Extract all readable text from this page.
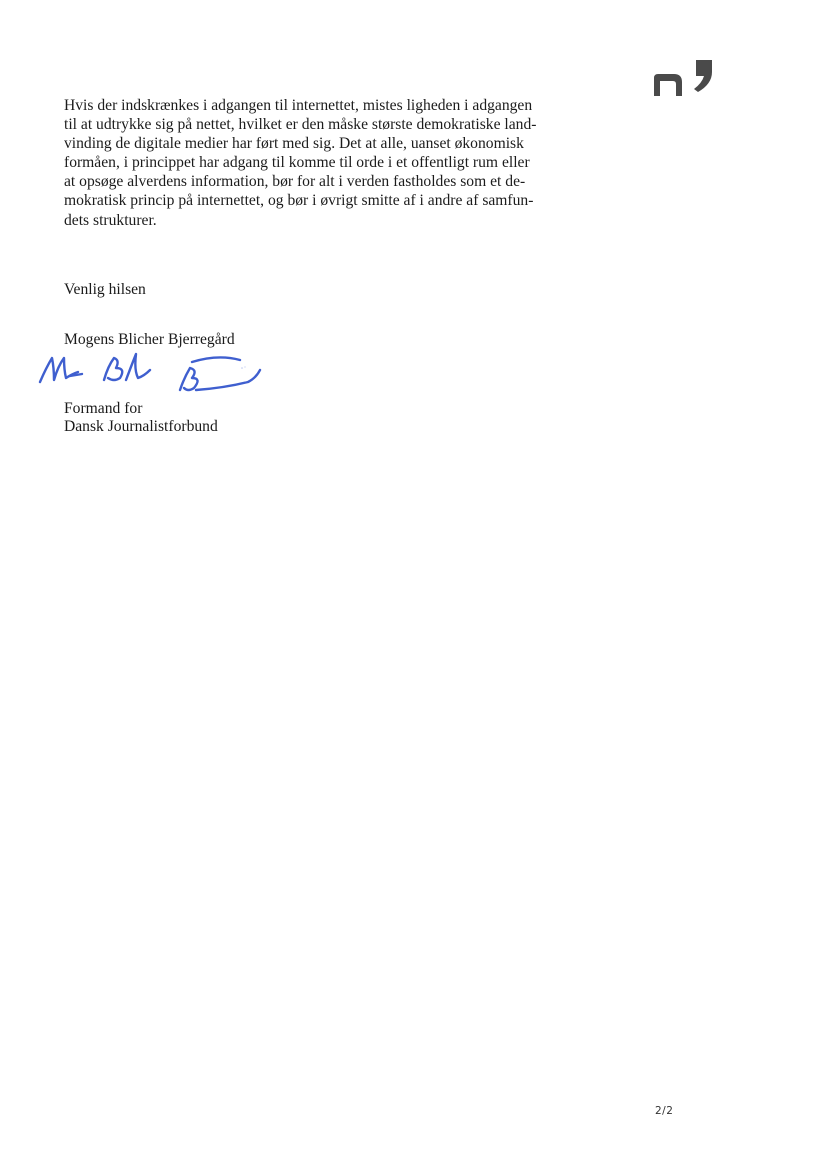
Hvis der indskrænkes i adgangen til internettet, mistes ligheden i adgangen
til at udtrykke sig på nettet, hvilket er den måske største demokratiske land-
vinding de digitale medier har ført med sig. Det at alle, uanset økonomisk
formåen, i princippet har adgang til komme til orde i et offentligt rum eller
at opsøge alverdens information, bør for alt i verden fastholdes som et de-
mokratisk princip på internettet, og bør i øvrigt smitte af i andre af samfun-
dets strukturer.

Venlig hilsen

Mogens Blicher Bjerregård

Formand for
Dansk Journalistforbund

2/2
